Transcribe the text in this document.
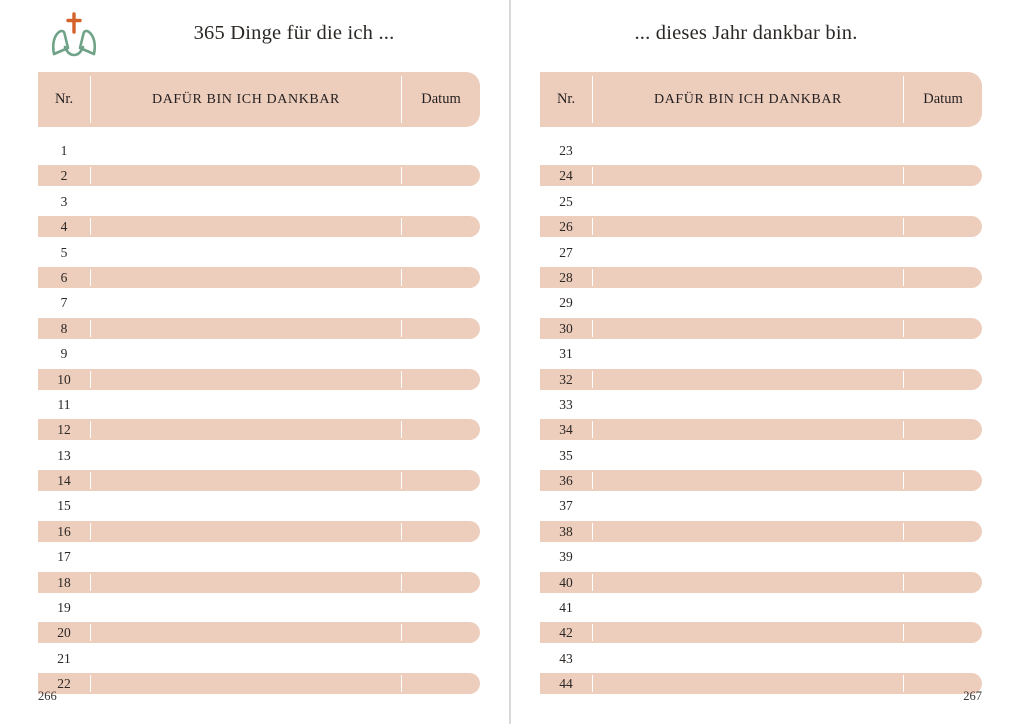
365 Dinge für die ich ...
Nr.	DAFÜR BIN ICH DANKBAR	Datum
1
2
3
4
5
6
7
8
9
10
11
12
13
14
15
16
17
18
19
20
21
22
266
... dieses Jahr dankbar bin.
Nr.	DAFÜR BIN ICH DANKBAR	Datum
23
24
25
26
27
28
29
30
31
32
33
34
35
36
37
38
39
40
41
42
43
44
267
